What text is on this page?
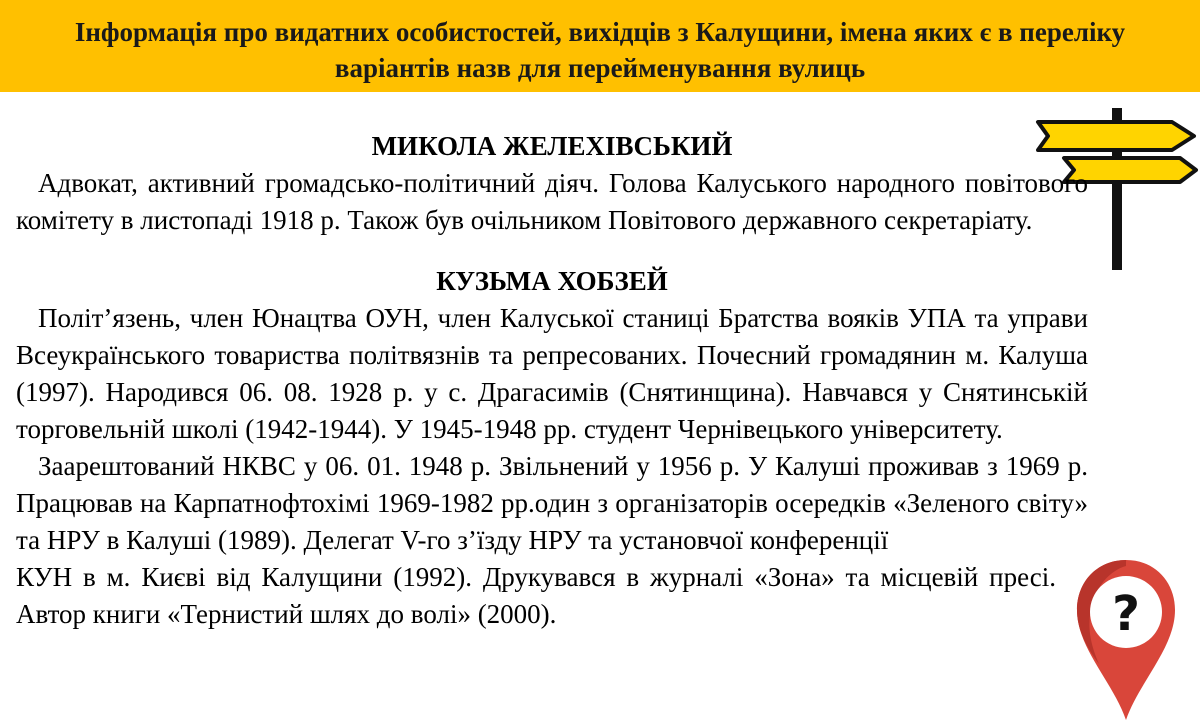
Інформація про видатних особистостей, вихідців з Калущини, імена яких є в переліку
варіантів назв для перейменування вулиць

МИКОЛА ЖЕЛЕХІВСЬКИЙ

Адвокат, активний громадсько-політичний діяч. Голова Калуського народного повітового комітету в листопаді 1918 р. Також був очільником Повітового державного секретаріату.

КУЗЬМА ХОБЗЕЙ

Політ’язень, член Юнацтва ОУН, член Калуської станиці Братства вояків УПА та управи Всеукраїнського товариства політвязнів та репресованих. Почесний громадянин м. Калуша (1997). Народився 06. 08. 1928 р. у с. Драгасимів (Снятинщина). Навчався у Снятинській торговельній школі (1942-1944). У 1945-1948 рр. студент Чернівецького університету.

Заарештований НКВС у 06. 01. 1948 р. Звільнений у 1956 р. У Калуші проживав з 1969 р. Працював на Карпатнофтохімі 1969-1982 рр.один з організаторів осередків «Зеленого світу» та НРУ в Калуші (1989). Делегат V-го з’їзду НРУ та установчої конференції

КУН в м. Києві від Калущини (1992). Друкувався в журналі «Зона» та місцевій пресі. Автор книги «Тернистий шлях до волі» (2000).	?
